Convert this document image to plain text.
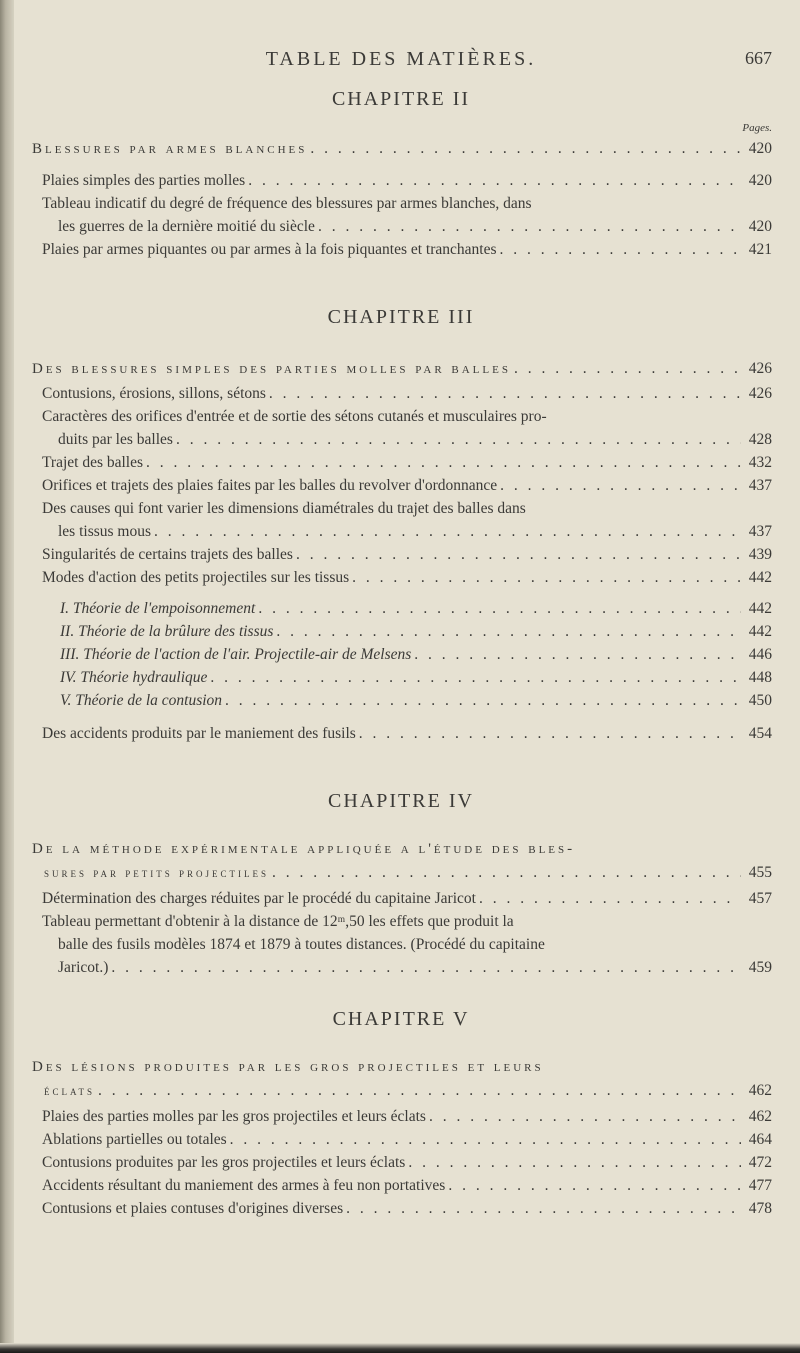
TABLE DES MATIÈRES.	667
CHAPITRE II
Pages.
Blessures par armes blanches . . .	420
Plaies simples des parties molles . . .	420
Tableau indicatif du degré de fréquence des blessures par armes blanches, dans
les guerres de la dernière moitié du siècle . . .	420
Plaies par armes piquantes ou par armes à la fois piquantes et tranchantes . . .	421
CHAPITRE III
Des blessures simples des parties molles par balles . . .	426
Contusions, érosions, sillons, sétons . . .	426
Caractères des orifices d'entrée et de sortie des sétons cutanés et musculaires pro-
duits par les balles . . .	428
Trajet des balles . . .	432
Orifices et trajets des plaies faites par les balles du revolver d'ordonnance . . .	437
Des causes qui font varier les dimensions diamétrales du trajet des balles dans
les tissus mous . . .	437
Singularités de certains trajets des balles . . .	439
Modes d'action des petits projectiles sur les tissus . . .	442
I. Théorie de l'empoisonnement . . .	442
II. Théorie de la brûlure des tissus . . .	442
III. Théorie de l'action de l'air. Projectile-air de Melsens . . .	446
IV. Théorie hydraulique . . .	448
V. Théorie de la contusion . . .	450
Des accidents produits par le maniement des fusils . . .	454
CHAPITRE IV
De la méthode expérimentale appliquée a l'étude des bles-
sures par petits projectiles . . .	455
Détermination des charges réduites par le procédé du capitaine Jaricot . . .	457
Tableau permettant d'obtenir à la distance de 12ᵐ,50 les effets que produit la
balle des fusils modèles 1874 et 1879 à toutes distances. (Procédé du capitaine
Jaricot.) . . .	459
CHAPITRE V
Des lésions produites par les gros projectiles et leurs
éclats . . .	462
Plaies des parties molles par les gros projectiles et leurs éclats . . .	462
Ablations partielles ou totales . . .	464
Contusions produites par les gros projectiles et leurs éclats . . .	472
Accidents résultant du maniement des armes à feu non portatives . . .	477
Contusions et plaies contuses d'origines diverses . . .	478
